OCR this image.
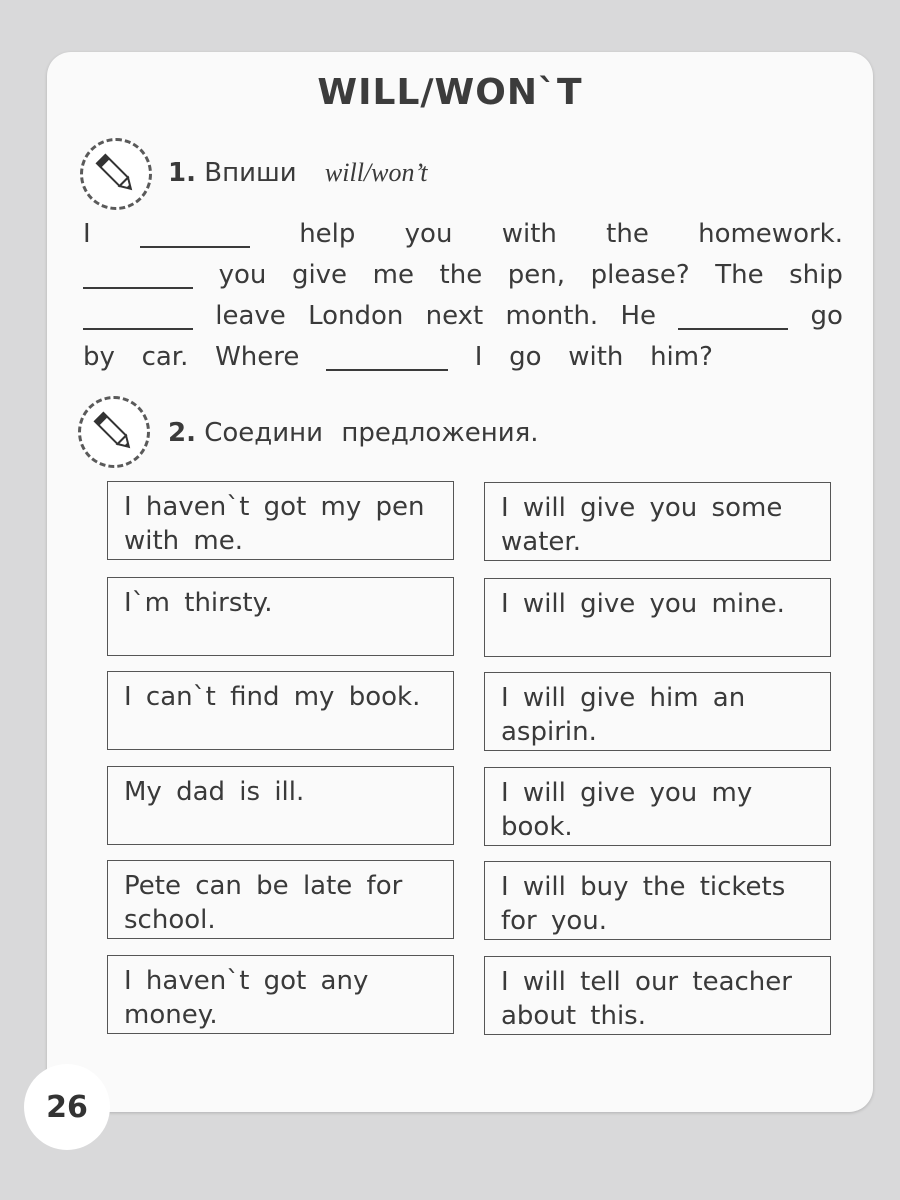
WILL/WON`T
1. Впиши will/won’t
I	help you with the homework.
you give me the pen, please? The ship
leave London next month. He	go
by car. Where	I go with him?
2. Соедини предложения.
I haven`t got my pen with me.
I`m thirsty.
I can`t find my book.
My dad is ill.
Pete can be late for school.
I haven`t got any money.
I will give you some water.
I will give you mine.
I will give him an aspirin.
I will give you my book.
I will buy the tickets for you.
I will tell our teacher about this.
26
